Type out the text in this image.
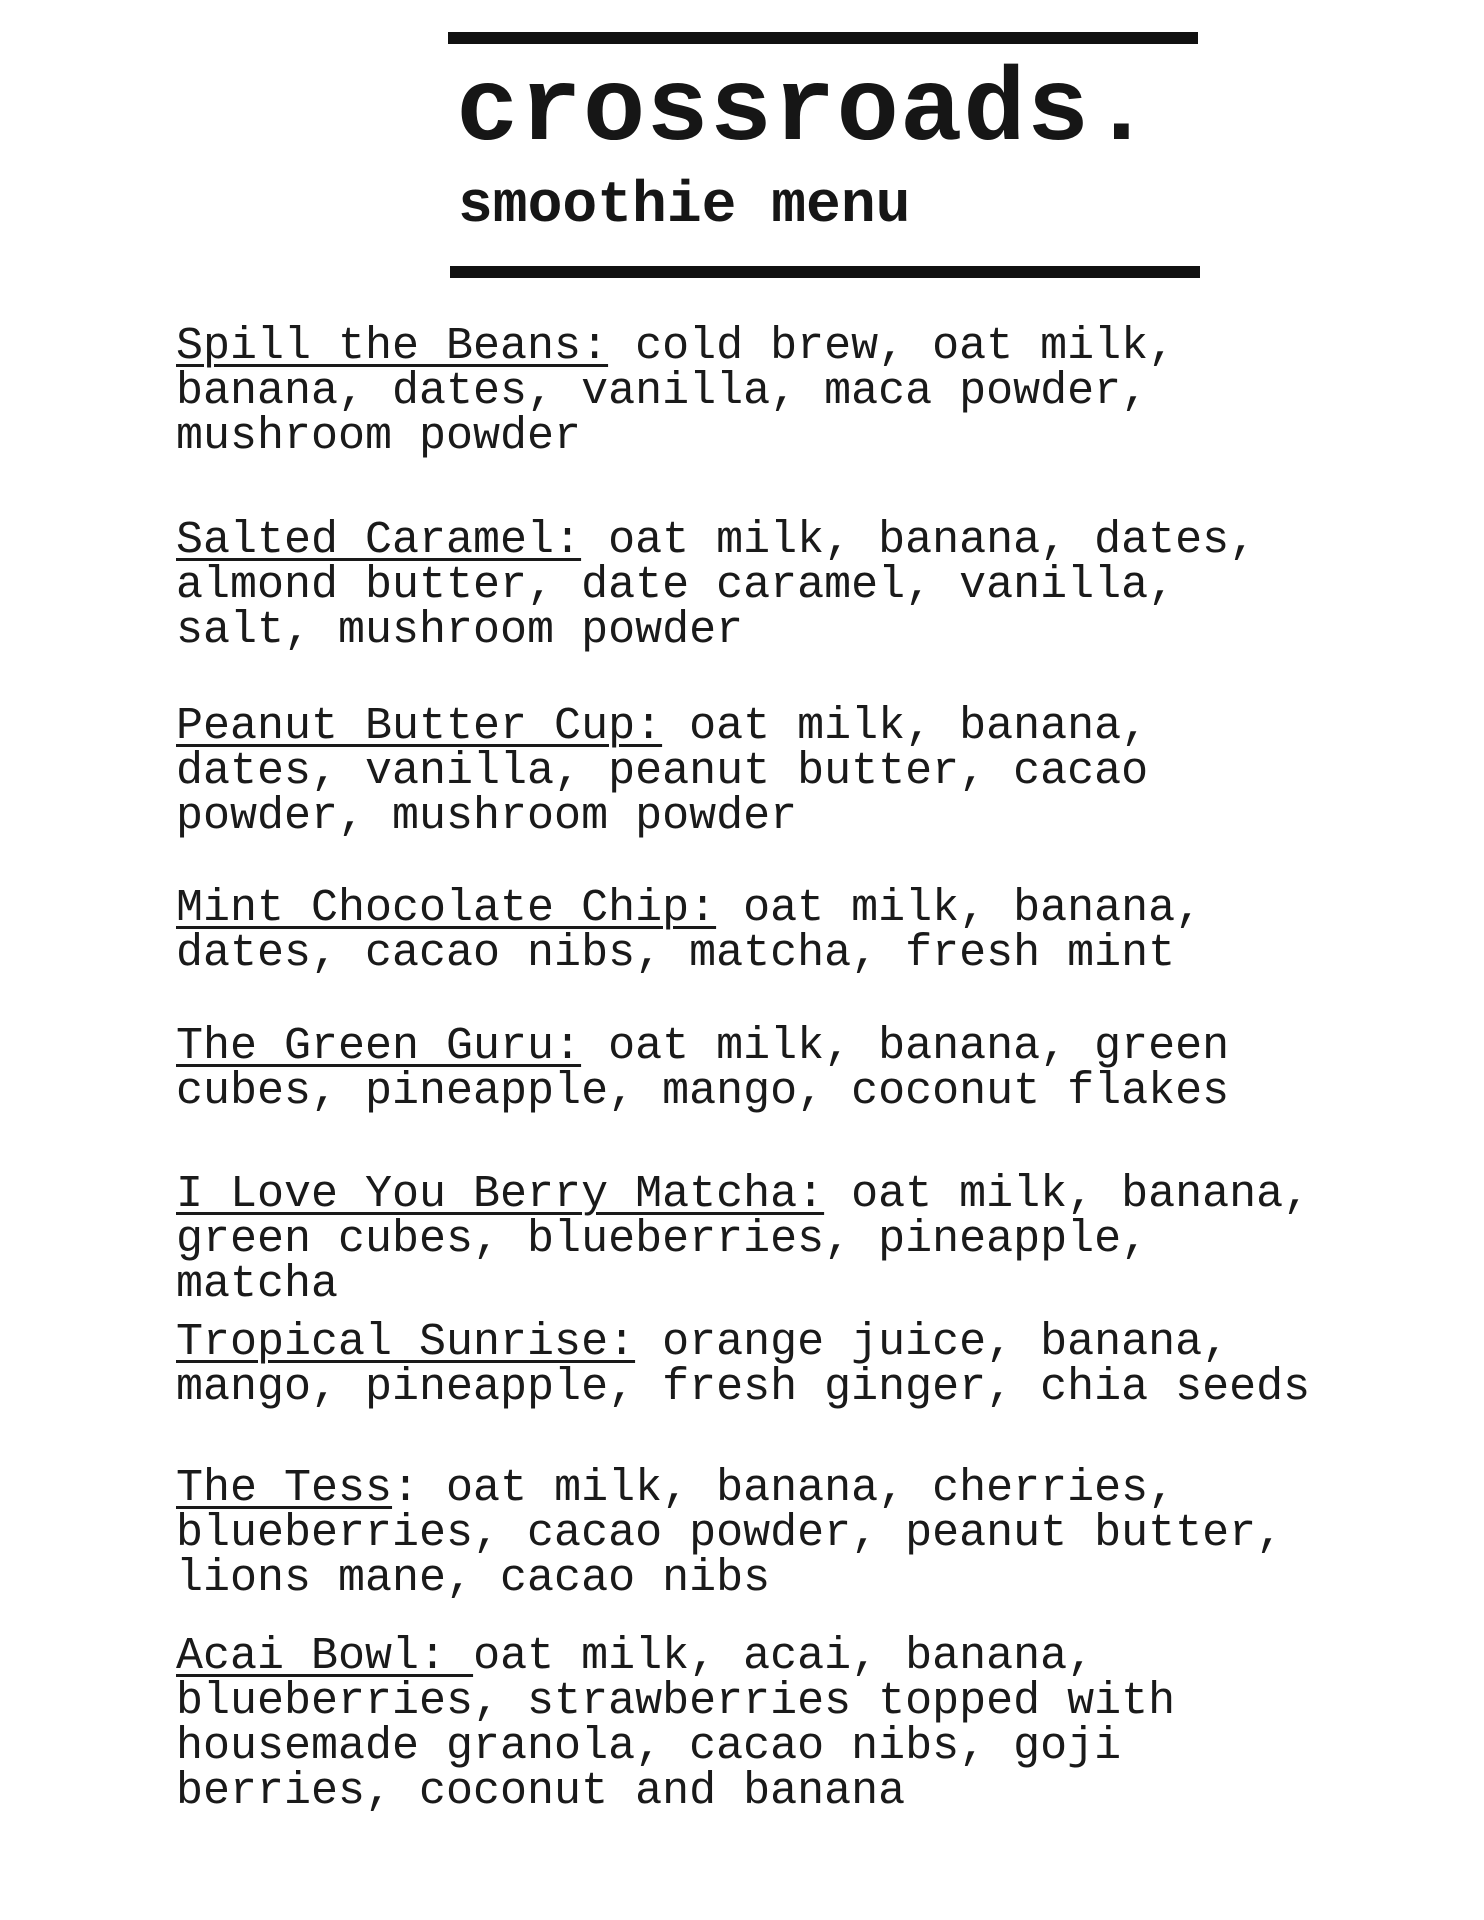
crossroads.
smoothie menu

Spill the Beans: cold brew, oat milk, banana, dates, vanilla, maca powder, mushroom powder

Salted Caramel: oat milk, banana, dates, almond butter, date caramel, vanilla, salt, mushroom powder

Peanut Butter Cup: oat milk, banana, dates, vanilla, peanut butter, cacao powder, mushroom powder

Mint Chocolate Chip: oat milk, banana, dates, cacao nibs, matcha, fresh mint

The Green Guru: oat milk, banana, green cubes, pineapple, mango, coconut flakes

I Love You Berry Matcha: oat milk, banana, green cubes, blueberries, pineapple, matcha

Tropical Sunrise: orange juice, banana, mango, pineapple, fresh ginger, chia seeds

The Tess: oat milk, banana, cherries, blueberries, cacao powder, peanut butter, lions mane, cacao nibs

Acai Bowl: oat milk, acai, banana, blueberries, strawberries topped with housemade granola, cacao nibs, goji berries, coconut and banana
